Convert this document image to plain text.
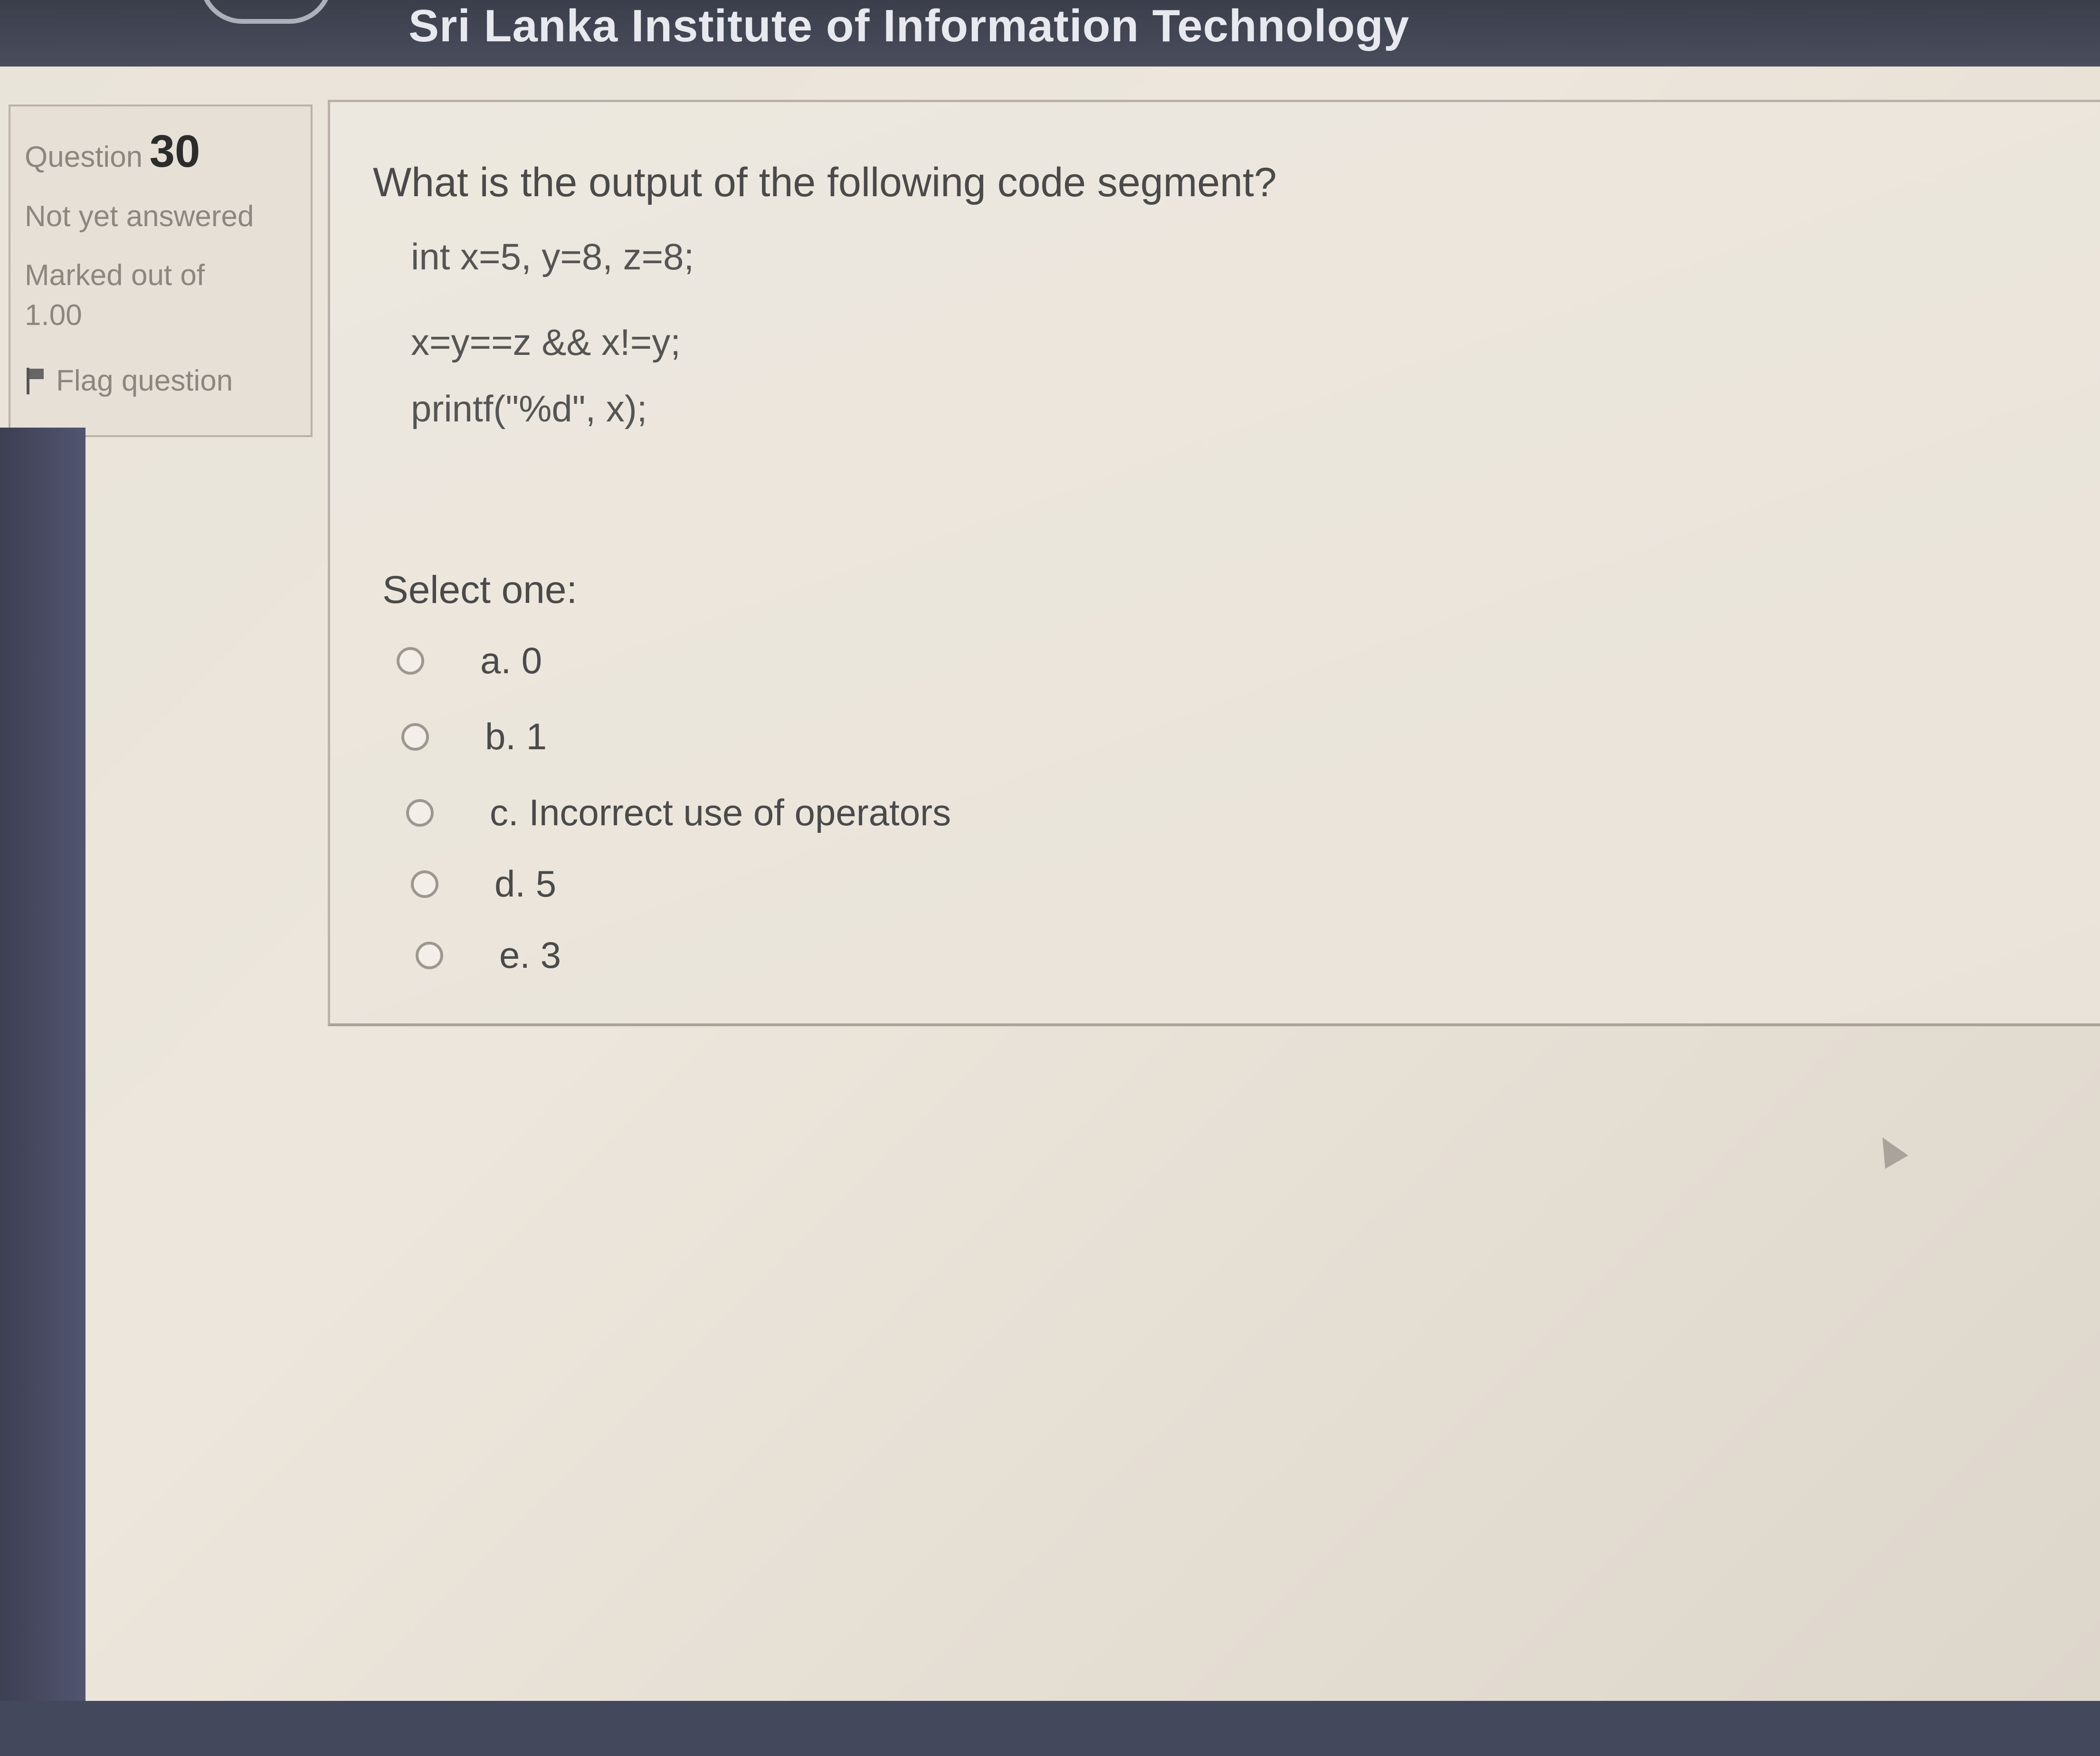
Sri Lanka Institute of Information Technology
Question 30
Not yet answered
Marked out of
1.00
Flag question
What is the output of the following code segment?
int x=5, y=8, z=8;
x=y==z && x!=y;
printf("%d", x);
Select one:
a. 0
b. 1
c. Incorrect use of operators
d. 5
e. 3
